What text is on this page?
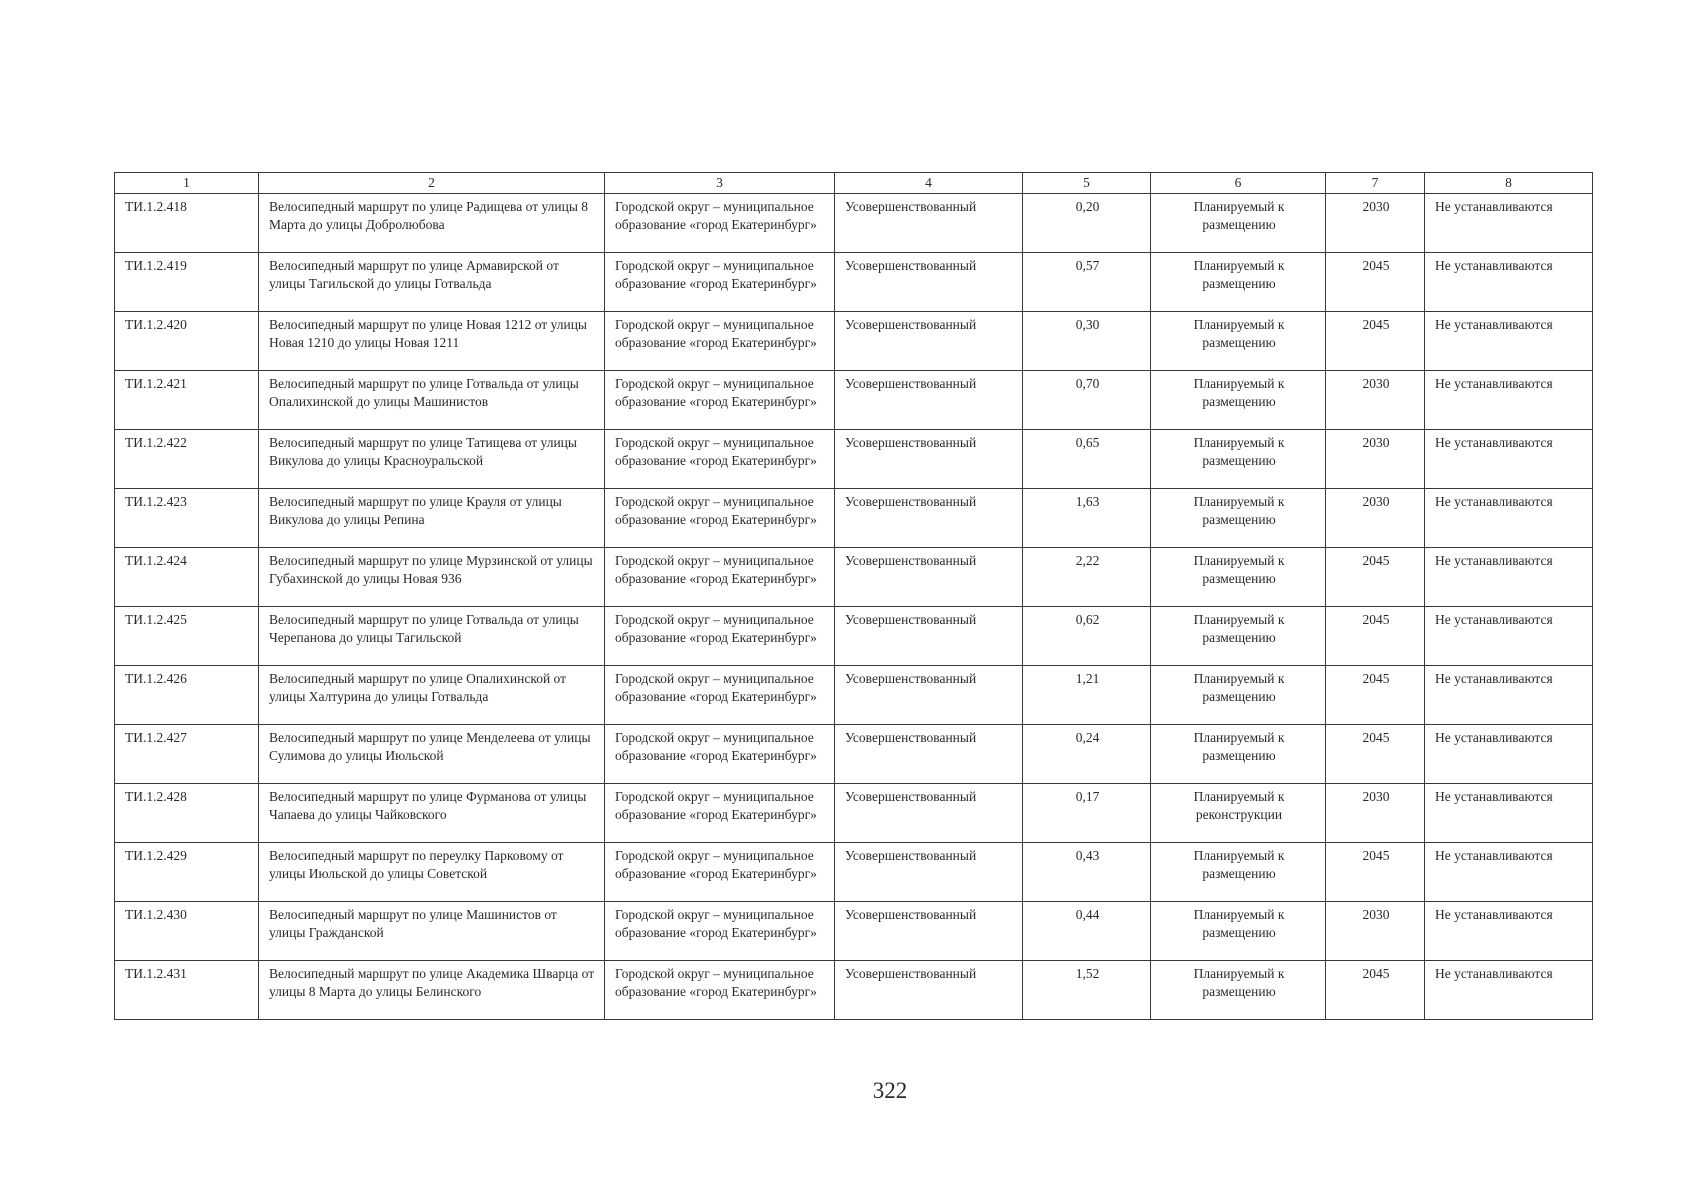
1	2	3	4	5	6	7	8
ТИ.1.2.418	Велосипедный маршрут по улице Радищева от улицы 8 Марта до улицы Добролюбова	Городской округ – муниципальное образование «город Екатеринбург»	Усовершенствованный	0,20	Планируемый к размещению	2030	Не устанавливаются
ТИ.1.2.419	Велосипедный маршрут по улице Армавирской от улицы Тагильской до улицы Готвальда	Городской округ – муниципальное образование «город Екатеринбург»	Усовершенствованный	0,57	Планируемый к размещению	2045	Не устанавливаются
ТИ.1.2.420	Велосипедный маршрут по улице Новая 1212 от улицы Новая 1210 до улицы Новая 1211	Городской округ – муниципальное образование «город Екатеринбург»	Усовершенствованный	0,30	Планируемый к размещению	2045	Не устанавливаются
ТИ.1.2.421	Велосипедный маршрут по улице Готвальда от улицы Опалихинской до улицы Машинистов	Городской округ – муниципальное образование «город Екатеринбург»	Усовершенствованный	0,70	Планируемый к размещению	2030	Не устанавливаются
ТИ.1.2.422	Велосипедный маршрут по улице Татищева от улицы Викулова до улицы Красноуральской	Городской округ – муниципальное образование «город Екатеринбург»	Усовершенствованный	0,65	Планируемый к размещению	2030	Не устанавливаются
ТИ.1.2.423	Велосипедный маршрут по улице Крауля от улицы Викулова до улицы Репина	Городской округ – муниципальное образование «город Екатеринбург»	Усовершенствованный	1,63	Планируемый к размещению	2030	Не устанавливаются
ТИ.1.2.424	Велосипедный маршрут по улице Мурзинской от улицы Губахинской до улицы Новая 936	Городской округ – муниципальное образование «город Екатеринбург»	Усовершенствованный	2,22	Планируемый к размещению	2045	Не устанавливаются
ТИ.1.2.425	Велосипедный маршрут по улице Готвальда от улицы Черепанова до улицы Тагильской	Городской округ – муниципальное образование «город Екатеринбург»	Усовершенствованный	0,62	Планируемый к размещению	2045	Не устанавливаются
ТИ.1.2.426	Велосипедный маршрут по улице Опалихинской от улицы Халтурина до улицы Готвальда	Городской округ – муниципальное образование «город Екатеринбург»	Усовершенствованный	1,21	Планируемый к размещению	2045	Не устанавливаются
ТИ.1.2.427	Велосипедный маршрут по улице Менделеева от улицы Сулимова до улицы Июльской	Городской округ – муниципальное образование «город Екатеринбург»	Усовершенствованный	0,24	Планируемый к размещению	2045	Не устанавливаются
ТИ.1.2.428	Велосипедный маршрут по улице Фурманова от улицы Чапаева до улицы Чайковского	Городской округ – муниципальное образование «город Екатеринбург»	Усовершенствованный	0,17	Планируемый к реконструкции	2030	Не устанавливаются
ТИ.1.2.429	Велосипедный маршрут по переулку Парковому от улицы Июльской до улицы Советской	Городской округ – муниципальное образование «город Екатеринбург»	Усовершенствованный	0,43	Планируемый к размещению	2045	Не устанавливаются
ТИ.1.2.430	Велосипедный маршрут по улице Машинистов от улицы Гражданской	Городской округ – муниципальное образование «город Екатеринбург»	Усовершенствованный	0,44	Планируемый к размещению	2030	Не устанавливаются
ТИ.1.2.431	Велосипедный маршрут по улице Академика Шварца от улицы 8 Марта до улицы Белинского	Городской округ – муниципальное образование «город Екатеринбург»	Усовершенствованный	1,52	Планируемый к размещению	2045	Не устанавливаются
322
